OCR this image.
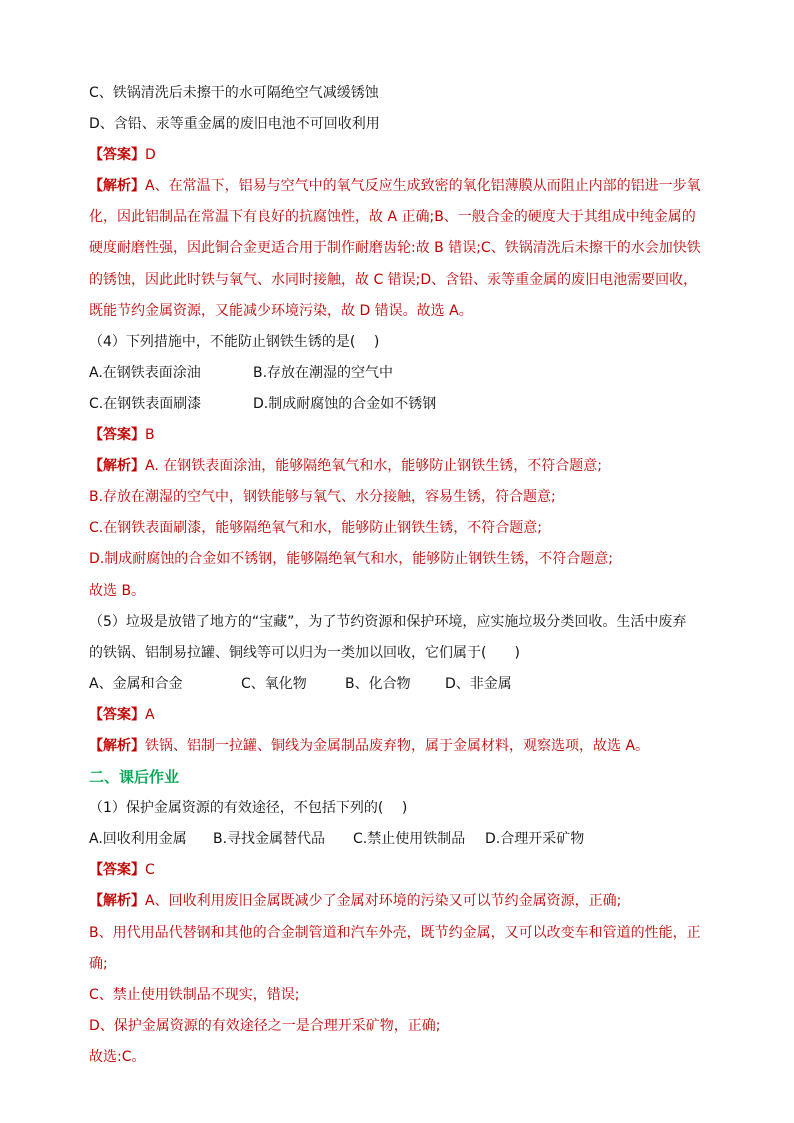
C、铁锅清洗后未擦干的水可隔绝空气减缓锈蚀
D、含铅、汞等重金属的废旧电池不可回收利用
【答案】D
【解析】A、在常温下，铝易与空气中的氧气反应生成致密的氧化铝薄膜从而阻止内部的铝进一步氧
化，因此铝制品在常温下有良好的抗腐蚀性，故 A 正确;B、一般合金的硬度大于其组成中纯金属的
硬度耐磨性强，因此铜合金更适合用于制作耐磨齿轮:故 B 错误;C、铁锅清洗后未擦干的水会加快铁
的锈蚀，因此此时铁与氧气、水同时接触，故 C 错误;D、含铅、汞等重金属的废旧电池需要回收，
既能节约金属资源，又能减少环境污染，故 D 错误。故选 A。
（4）下列措施中，不能防止钢铁生锈的是(　 )
A.在钢铁表面涂油	B.存放在潮湿的空气中
C.在钢铁表面刷漆	D.制成耐腐蚀的合金如不锈钢
【答案】B
【解析】A. 在钢铁表面涂油，能够隔绝氧气和水，能够防止钢铁生锈，不符合题意;
B.存放在潮湿的空气中，钢铁能够与氧气、水分接触，容易生锈，符合题意;
C.在钢铁表面刷漆，能够隔绝氧气和水，能够防止钢铁生锈，不符合题意;
D.制成耐腐蚀的合金如不锈钢，能够隔绝氧气和水，能够防止钢铁生锈，不符合题意;
故选 B。
（5）垃圾是放错了地方的“宝藏”，为了节约资源和保护环境，应实施垃圾分类回收。生活中废弃
的铁锅、铝制易拉罐、铜线等可以归为一类加以回收，它们属于(　　)
A、金属和合金	C、氧化物	B、化合物 D、非金属
【答案】A
【解析】铁锅、铝制一拉罐、铜线为金属制品废弃物，属于金属材料，观察选项，故选 A。
二、课后作业
（1）保护金属资源的有效途径，不包括下列的(　 )
A.回收利用金属 B.寻找金属替代品 C.禁止使用铁制品 D.合理开采矿物
【答案】C
【解析】A、回收利用废旧金属既减少了金属对环境的污染又可以节约金属资源，正确;
B、用代用品代替钢和其他的合金制管道和汽车外壳，既节约金属，又可以改变车和管道的性能，正
确;
C、禁止使用铁制品不现实，错误;
D、保护金属资源的有效途径之一是合理开采矿物，正确;
故选:C。
